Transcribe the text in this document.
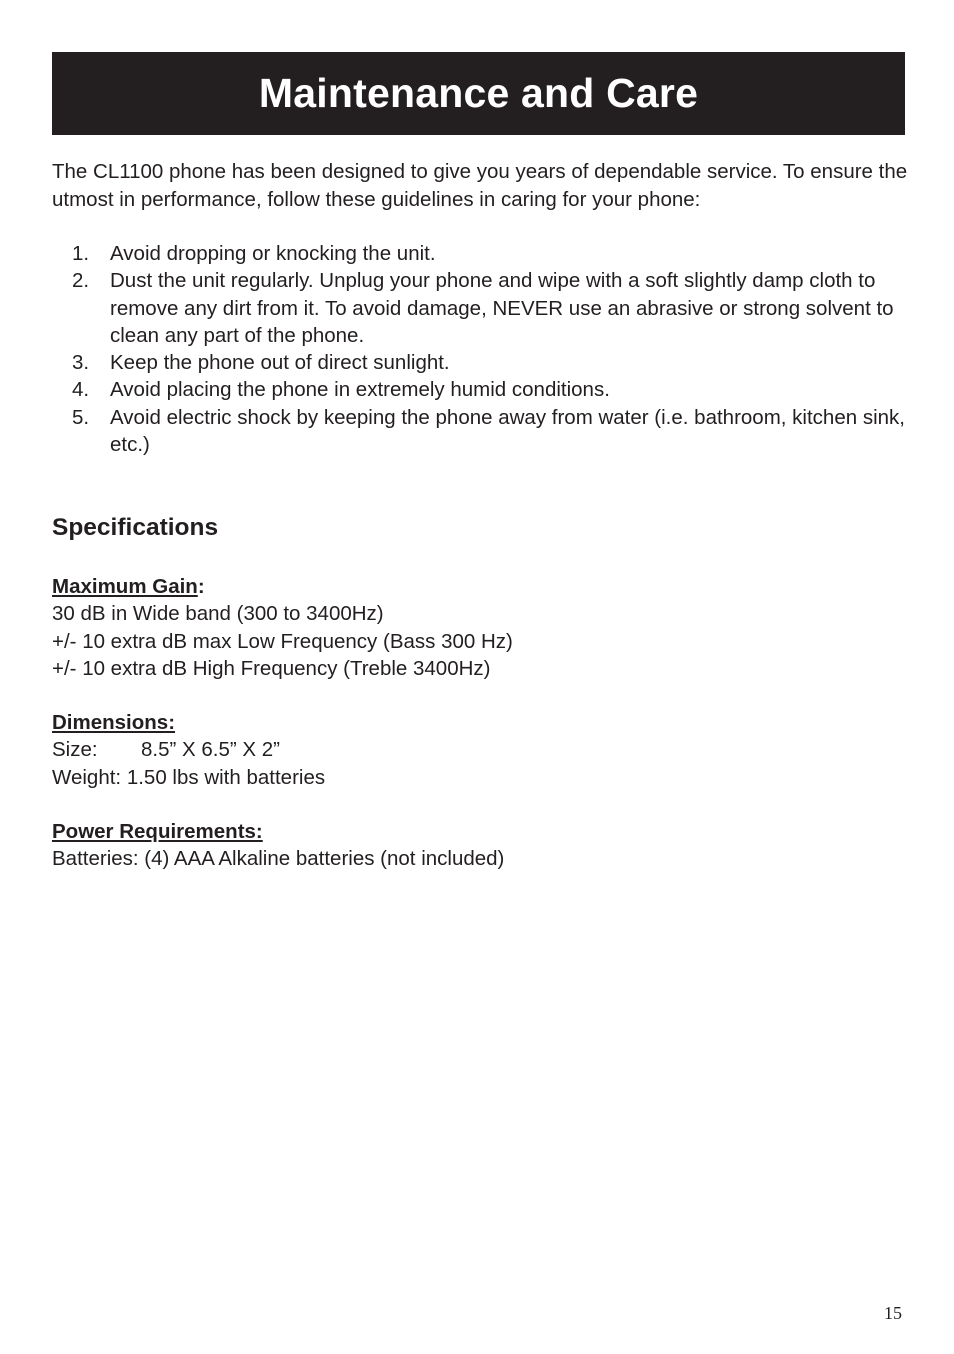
Maintenance and Care

The CL1100 phone has been designed to give you years of dependable service. To ensure the utmost in performance, follow these guidelines in caring for your phone:

1.	Avoid dropping or knocking the unit.
2.	Dust the unit regularly. Unplug your phone and wipe with a soft slightly damp cloth to remove any dirt from it. To avoid damage, NEVER use an abrasive or strong solvent to clean any part of the phone.
3.	Keep the phone out of direct sunlight.
4.	Avoid placing the phone in extremely humid conditions.
5.	Avoid electric shock by keeping the phone away from water (i.e. bathroom, kitchen sink, etc.)
Specifications
Maximum Gain:
30 dB in Wide band (300 to 3400Hz)
+/- 10 extra dB max Low Frequency (Bass 300 Hz)
+/- 10 extra dB High Frequency (Treble 3400Hz)
Dimensions:
Size: 8.5” X 6.5” X 2”
Weight: 1.50 lbs with batteries
Power Requirements:
Batteries: (4) AAA Alkaline batteries (not included)
15
